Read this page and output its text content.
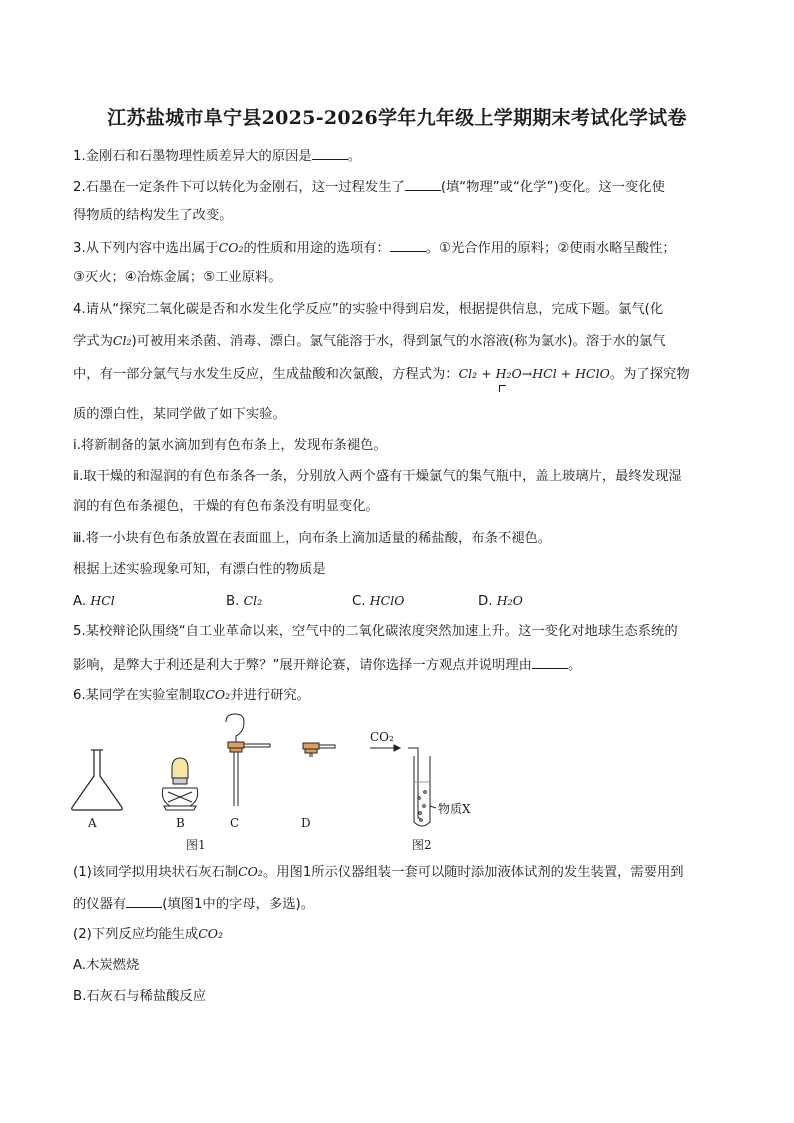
江苏盐城市阜宁县2025-2026学年九年级上学期期末考试化学试卷
1.金刚石和石墨物理性质差异大的原因是	。
2.石墨在一定条件下可以转化为金刚石，这一过程发生了	(填“物理”或“化学”)变化。这一变化使
得物质的结构发生了改变。
3.从下列内容中选出属于CO₂的性质和用途的选项有：	。①光合作用的原料；②使雨水略呈酸性；
③灭火；④冶炼金属；⑤工业原料。
4.请从“探究二氧化碳是否和水发生化学反应”的实验中得到启发，根据提供信息，完成下题。氯气(化
学式为Cl₂)可被用来杀菌、消毒、漂白。氯气能溶于水，得到氯气的水溶液(称为氯水)。溶于水的氯气
中，有一部分氯气与水发生反应，生成盐酸和次氯酸，方程式为：Cl₂ + H₂O→HCl + HClO。为了探究物
质的漂白性，某同学做了如下实验。
ⅰ.将新制备的氯水滴加到有色布条上，发现布条褪色。
ⅱ.取干燥的和湿润的有色布条各一条，分别放入两个盛有干燥氯气的集气瓶中，盖上玻璃片，最终发现湿
润的有色布条褪色，干燥的有色布条没有明显变化。
ⅲ.将一小块有色布条放置在表面皿上，向布条上滴加适量的稀盐酸，布条不褪色。
根据上述实验现象可知，有漂白性的物质是
A. HCl	B. Cl₂	C. HClO	D. H₂O
5.某校辩论队围绕“自工业革命以来，空气中的二氧化碳浓度突然加速上升。这一变化对地球生态系统的
影响，是弊大于利还是利大于弊？”展开辩论赛，请你选择一方观点并说明理由	。
6.某同学在实验室制取CO₂并进行研究。
CO₂
物质X
A	B	C	D
图1	图2
(1)该同学拟用块状石灰石制CO₂。用图1所示仪器组装一套可以随时添加液体试剂的发生装置，需要用到
的仪器有	(填图1中的字母，多选)。
(2)下列反应均能生成CO₂
A.木炭燃烧
B.石灰石与稀盐酸反应
